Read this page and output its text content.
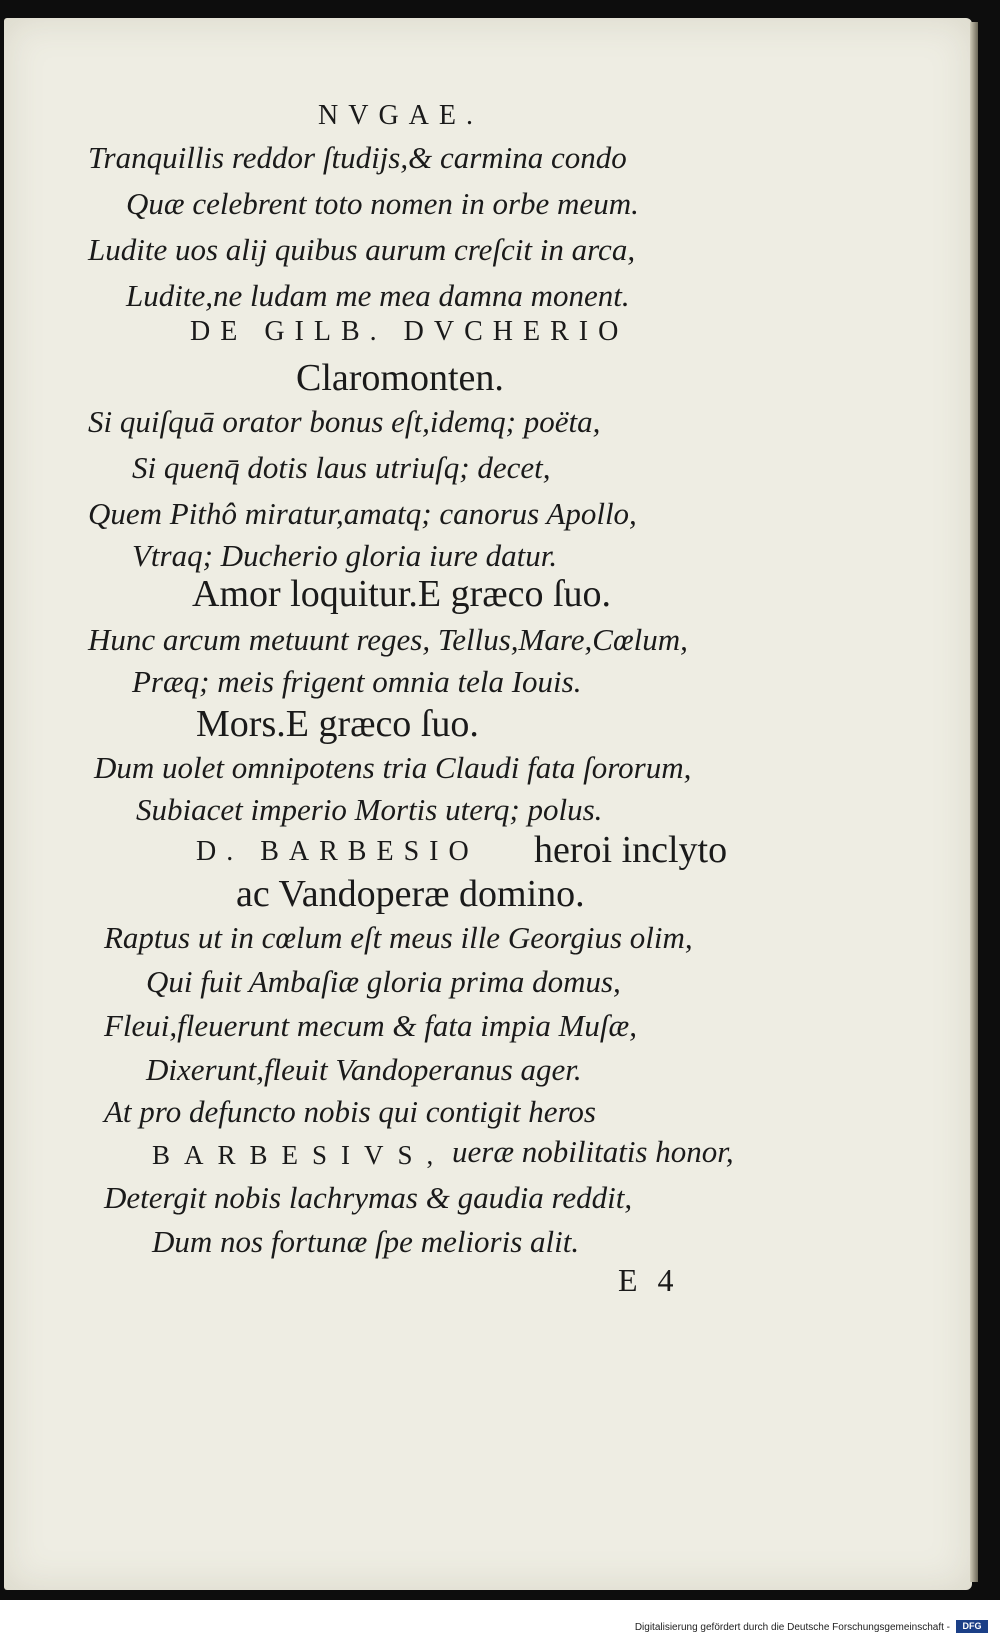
NVGAE.
Tranquillis reddor ſtudijs,& carmina condo
Quæ celebrent toto nomen in orbe meum.
Ludite uos alij quibus aurum creſcit in arca,
Ludite,ne ludam me mea damna monent.
DE GILB. DVCHERIO
Claromonten.
Si quiſquā orator bonus eſt,idemq; poëta,
Si quenq̄ dotis laus utriuſq; decet,
Quem Pithô miratur,amatq; canorus Apollo,
Vtraq; Ducherio gloria iure datur.
Amor loquitur.E græco ſuo.
Hunc arcum metuunt reges, Tellus,Mare,Cœlum,
Præq; meis frigent omnia tela Iouis.
Mors.E græco ſuo.
Dum uolet omnipotens tria Claudi fata ſororum,
Subiacet imperio Mortis uterq; polus.
D. BARBESIO heroi inclyto
ac Vandoperæ domino.
Raptus ut in cœlum eſt meus ille Georgius olim,
Qui fuit Ambaſiæ gloria prima domus,
Fleui,fleuerunt mecum & fata impia Muſæ,
Dixerunt,fleuit Vandoperanus ager.
At pro defuncto nobis qui contigit heros
BARBESIVS, ueræ nobilitatis honor,
Detergit nobis lachrymas & gaudia reddit,
Dum nos fortunæ ſpe melioris alit.
E 4
Digitalisierung gefördert durch die Deutsche Forschungsgemeinschaft -	DFG
